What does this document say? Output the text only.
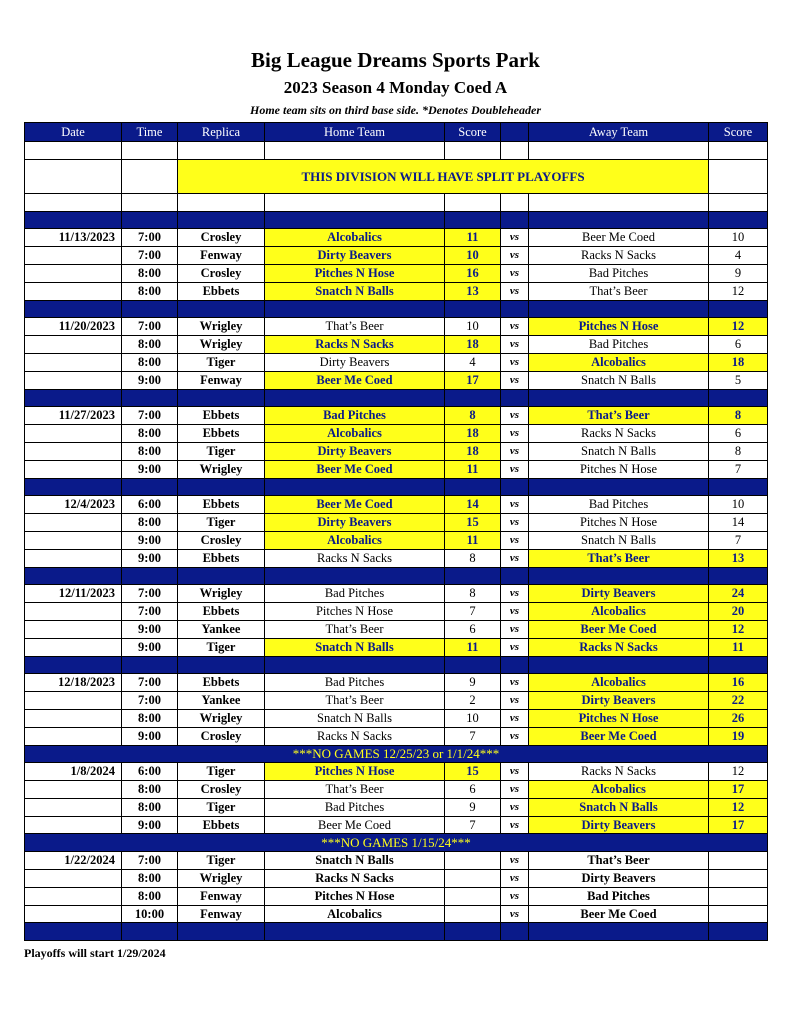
Big League Dreams Sports Park
2023 Season 4 Monday Coed A
Home team sits on third base side. *Denotes Doubleheader
Date	Time	Replica	Home Team	Score		Away Team	Score

		THIS DIVISION WILL HAVE SPLIT PLAYOFFS					

11/13/2023	7:00	Crosley	Alcobalics	11	vs	Beer Me Coed	10
	7:00	Fenway	Dirty Beavers	10	vs	Racks N Sacks	4
	8:00	Crosley	Pitches N Hose	16	vs	Bad Pitches	9
	8:00	Ebbets	Snatch N Balls	13	vs	That’s Beer	12

11/20/2023	7:00	Wrigley	That’s Beer	10	vs	Pitches N Hose	12
	8:00	Wrigley	Racks N Sacks	18	vs	Bad Pitches	6
	8:00	Tiger	Dirty Beavers	4	vs	Alcobalics	18
	9:00	Fenway	Beer Me Coed	17	vs	Snatch N Balls	5

11/27/2023	7:00	Ebbets	Bad Pitches	8	vs	That’s Beer	8
	8:00	Ebbets	Alcobalics	18	vs	Racks N Sacks	6
	8:00	Tiger	Dirty Beavers	18	vs	Snatch N Balls	8
	9:00	Wrigley	Beer Me Coed	11	vs	Pitches N Hose	7

12/4/2023	6:00	Ebbets	Beer Me Coed	14	vs	Bad Pitches	10
	8:00	Tiger	Dirty Beavers	15	vs	Pitches N Hose	14
	9:00	Crosley	Alcobalics	11	vs	Snatch N Balls	7
	9:00	Ebbets	Racks N Sacks	8	vs	That’s Beer	13

12/11/2023	7:00	Wrigley	Bad Pitches	8	vs	Dirty Beavers	24
	7:00	Ebbets	Pitches N Hose	7	vs	Alcobalics	20
	9:00	Yankee	That’s Beer	6	vs	Beer Me Coed	12
	9:00	Tiger	Snatch N Balls	11	vs	Racks N Sacks	11

12/18/2023	7:00	Ebbets	Bad Pitches	9	vs	Alcobalics	16
	7:00	Yankee	That’s Beer	2	vs	Dirty Beavers	22
	8:00	Wrigley	Snatch N Balls	10	vs	Pitches N Hose	26
	9:00	Crosley	Racks N Sacks	7	vs	Beer Me Coed	19
***NO GAMES 12/25/23 or 1/1/24***							
1/8/2024	6:00	Tiger	Pitches N Hose	15	vs	Racks N Sacks	12
	8:00	Crosley	That’s Beer	6	vs	Alcobalics	17
	8:00	Tiger	Bad Pitches	9	vs	Snatch N Balls	12
	9:00	Ebbets	Beer Me Coed	7	vs	Dirty Beavers	17
***NO GAMES 1/15/24***							
1/22/2024	7:00	Tiger	Snatch N Balls		vs	That’s Beer	
	8:00	Wrigley	Racks N Sacks		vs	Dirty Beavers	
	8:00	Fenway	Pitches N Hose		vs	Bad Pitches	
	10:00	Fenway	Alcobalics		vs	Beer Me Coed	

Playoffs will start 1/29/2024
